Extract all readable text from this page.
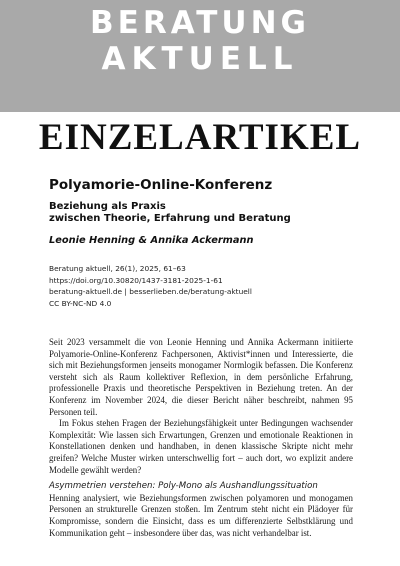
BERATUNG
AKTUELL
EINZELARTIKEL
Polyamorie-Online-Konferenz
Beziehung als Praxis
zwischen Theorie, Erfahrung und Beratung
Leonie Henning & Annika Ackermann
Beratung aktuell, 26(1), 2025, 61–63
https://doi.org/10.30820/1437-3181-2025-1-61
beratung-aktuell.de | besserlieben.de/beratung-aktuell
CC BY-NC-ND 4.0

Seit 2023 versammelt die von Leonie Henning und Annika Ackermann initiierte Polyamorie-Online-Konferenz Fachpersonen, Aktivist*innen und Interessierte, die sich mit Beziehungsformen jenseits monogamer Normlogik befassen. Die Konferenz versteht sich als Raum kollektiver Reflexion, in dem persönliche Erfahrung, professionelle Praxis und theoretische Perspektiven in Beziehung treten. An der Konferenz im November 2024, die dieser Bericht näher beschreibt, nahmen 95 Personen teil.

Im Fokus stehen Fragen der Beziehungsfähigkeit unter Bedingungen wachsender Komplexität: Wie lassen sich Erwartungen, Grenzen und emotionale Reaktionen in Konstellationen denken und handhaben, in denen klassische Skripte nicht mehr greifen? Welche Muster wirken unterschwellig fort – auch dort, wo explizit andere Modelle gewählt werden?

Asymmetrien verstehen: Poly-Mono als Aushandlungssituation

Henning analysiert, wie Beziehungsformen zwischen polyamoren und monogamen Personen an strukturelle Grenzen stoßen. Im Zentrum steht nicht ein Plädoyer für Kompromisse, sondern die Einsicht, dass es um differenzierte Selbstklärung und Kommunikation geht – insbesondere über das, was nicht verhandelbar ist.
